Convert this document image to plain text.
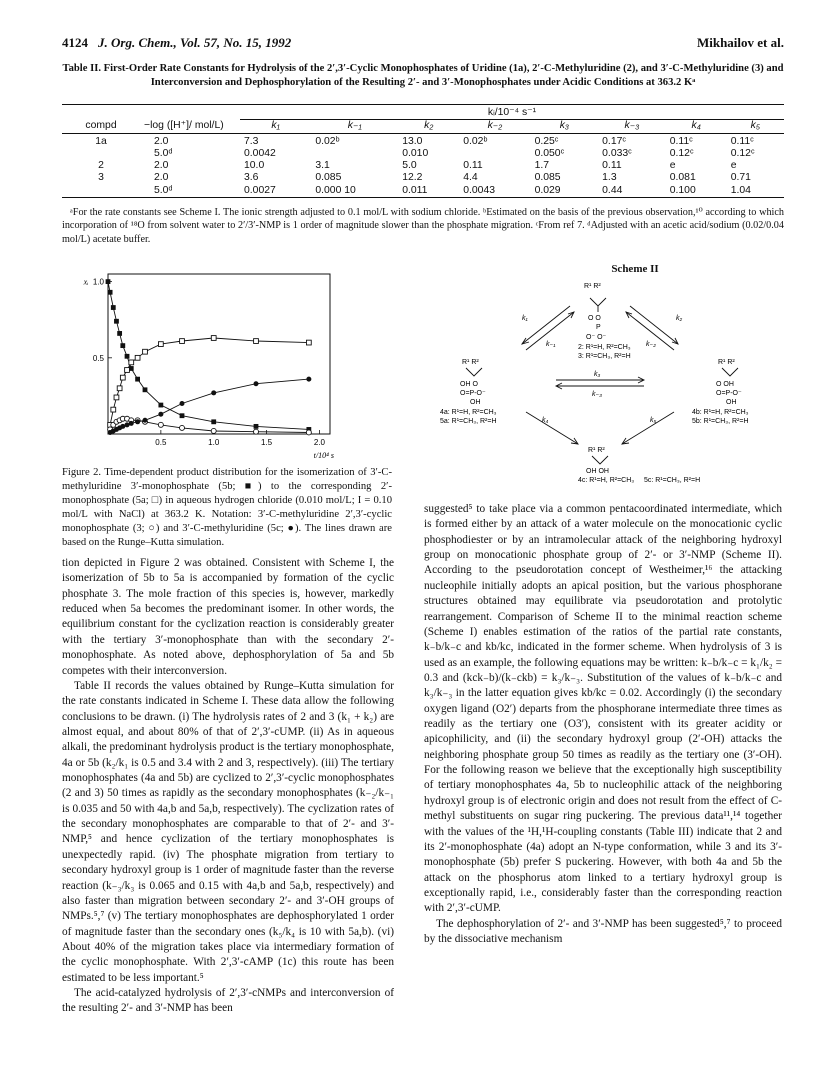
4124 J. Org. Chem., Vol. 57, No. 15, 1992	Mikhailov et al.
Table II. First-Order Rate Constants for Hydrolysis of the 2′,3′-Cyclic Monophosphates of Uridine (1a), 2′-C-Methyluridine (2), and 3′-C-Methyluridine (3) and Interconversion and Dephosphorylation of the Resulting 2′- and 3′-Monophosphates under Acidic Conditions at 363.2 Kᵃ

	−log ([H⁺]/ mol/L)	kᵢ/10⁻⁴ s⁻¹							
compd		k₁	k₋₁	k₂	k₋₂	k₃	k₋₃	k₄	k₅

1a	2.0	7.3	0.02ᵇ	13.0	0.02ᵇ	0.25ᶜ	0.17ᶜ	0.11ᶜ	0.11ᶜ
	5.0ᵈ	0.0042		0.010		0.050ᶜ	0.033ᶜ	0.12ᶜ	0.12ᶜ
2	2.0	10.0	3.1	5.0	0.11	1.7	0.11	e	e
3	2.0	3.6	0.085	12.2	4.4	0.085	1.3	0.081	0.71
	5.0ᵈ	0.0027	0.000 10	0.011	0.0043	0.029	0.44	0.100	1.04

ᵃFor the rate constants see Scheme I. The ionic strength adjusted to 0.1 mol/L with sodium chloride. ᵇEstimated on the basis of the previous observation,¹⁰ according to which incorporation of ¹⁸O from solvent water to 2′/3′-NMP is 1 order of magnitude slower than the phosphate migration. ᶜFrom ref 7. ᵈAdjusted with an acetic acid/sodium (0.02/0.04 mol/L) acetate buffer.
0.5	1.0	1.5	2.0
0.5
1.0
xᵢ
t/10⁴ s
Figure 2. Time-dependent product distribution for the isomerization of 3′-C-methyluridine 3′-monophosphate (5b; ■) to the corresponding 2′-monophosphate (5a; □) in aqueous hydrogen chloride (0.010 mol/L; I = 0.10 mol/L with NaCl) at 363.2 K. Notation: 3′-C-methyluridine 2′,3′-cyclic monophosphate (3; ○) and 3′-C-methyluridine (5c; ●). The lines drawn are based on the Runge–Kutta simulation.
Scheme II
R¹ R²
O O
P
O⁻ O⁻
2: R¹=H, R²=CH₃
3: R¹=CH₃, R²=H
k₁
k₋₁
k₂
k₋₂
k₃
k₋₃
k₄	k₅
R¹ R²
OH O
O=P-O⁻
OH
4a: R¹=H, R²=CH₃
5a: R¹=CH₃, R²=H
R¹ R²
O OH
O=P-O⁻
OH
4b: R¹=H, R²=CH₃
5b: R¹=CH₃, R²=H
R¹ R²
OH OH
4c: R¹=H, R²=CH₃ 5c: R¹=CH₃, R²=H

tion depicted in Figure 2 was obtained. Consistent with Scheme I, the isomerization of 5b to 5a is accompanied by formation of the cyclic phosphate 3. The mole fraction of this species is, however, markedly reduced when 5a becomes the predominant isomer. In other words, the equilibrium constant for the cyclization reaction is considerably greater with the tertiary 3′-monophosphate than with the secondary 2′-monophosphate. As noted above, dephosphorylation of 5a and 5b competes with their interconversion.

Table II records the values obtained by Runge–Kutta simulation for the rate constants indicated in Scheme I. These data allow the following conclusions to be drawn. (i) The hydrolysis rates of 2 and 3 (k₁ + k₂) are almost equal, and about 80% of that of 2′,3′-cUMP. (ii) As in aqueous alkali, the predominant hydrolysis product is the tertiary monophosphate, 4a or 5b (k₂/k₁ is 0.5 and 3.4 with 2 and 3, respectively). (iii) The tertiary monophosphates (4a and 5b) are cyclized to 2′,3′-cyclic monophosphates (2 and 3) 50 times as rapidly as the secondary monophosphates (k₋₂/k₋₁ is 0.035 and 50 with 4a,b and 5a,b, respectively). The cyclization rates of the secondary monophosphates are comparable to that of 2′- and 3′-NMP,⁵ and hence cyclization of the tertiary monophosphates is unexpectedly rapid. (iv) The phosphate migration from tertiary to secondary hydroxyl group is 1 order of magnitude faster than the reverse reaction (k₋₃/k₃ is 0.065 and 0.15 with 4a,b and 5a,b, respectively) and also faster than migration between secondary 2′- and 3′-OH groups of NMPs.⁵,⁷ (v) The tertiary monophosphates are dephosphorylated 1 order of magnitude faster than the secondary ones (k₅/k₄ is 10 with 5a,b). (vi) About 40% of the migration takes place via intermediary formation of the cyclic monophosphate. With 2′,3′-cAMP (1c) this route has been estimated to be less important.⁵

The acid-catalyzed hydrolysis of 2′,3′-cNMPs and interconversion of the resulting 2′- and 3′-NMP has been

suggested⁵ to take place via a common pentacoordinated intermediate, which is formed either by an attack of a water molecule on the monocationic cyclic phosphodiester or by an intramolecular attack of the neighboring hydroxyl group on monocationic phosphate group of 2′- or 3′-NMP (Scheme II). According to the pseudorotation concept of Westheimer,¹⁶ the attacking nucleophile initially adopts an apical position, but the various phosphorane structures obtained may equilibrate via pseudorotation and protolytic rearrangement. Comparison of Scheme II to the minimal reaction scheme (Scheme I) enables estimation of the ratios of the partial rate constants, k₋b/k₋c and kb/kc, indicated in the former scheme. When hydrolysis of 3 is used as an example, the following equations may be written: k₋b/k₋c = k₁/k₂ = 0.3 and (kck₋b)/(k₋ckb) = k₃/k₋₃. Substitution of the values of k₋b/k₋c and k₃/k₋₃ in the latter equation gives kb/kc = 0.02. Accordingly (i) the secondary oxygen ligand (O2′) departs from the phosphorane intermediate three times as readily as the tertiary one (O3′), consistent with its greater acidity or apicophilicity, and (ii) the secondary hydroxyl group (2′-OH) attacks the neighboring phosphate group 50 times as readily as the tertiary one (3′-OH). For the following reason we believe that the exceptionally high susceptibility of tertiary monophosphates 4a, 5b to nucleophilic attack of the neighboring hydroxyl group is of electronic origin and does not result from the effect of C-methyl substituents on sugar ring puckering. The previous data¹¹,¹⁴ together with the values of the ¹H,¹H-coupling constants (Table III) indicate that 2 and its 2′-monophosphate (4a) adopt an N-type conformation, while 3 and its 3′-monophosphate (5b) prefer S puckering. However, with both 4a and 5b the attack on the phosphorus atom linked to a tertiary hydroxyl group is exceptionally rapid, i.e., considerably faster than the corresponding reaction with 2′,3′-cUMP.

The dephosphorylation of 2′- and 3′-NMP has been suggested⁵,⁷ to proceed by the dissociative mechanism
